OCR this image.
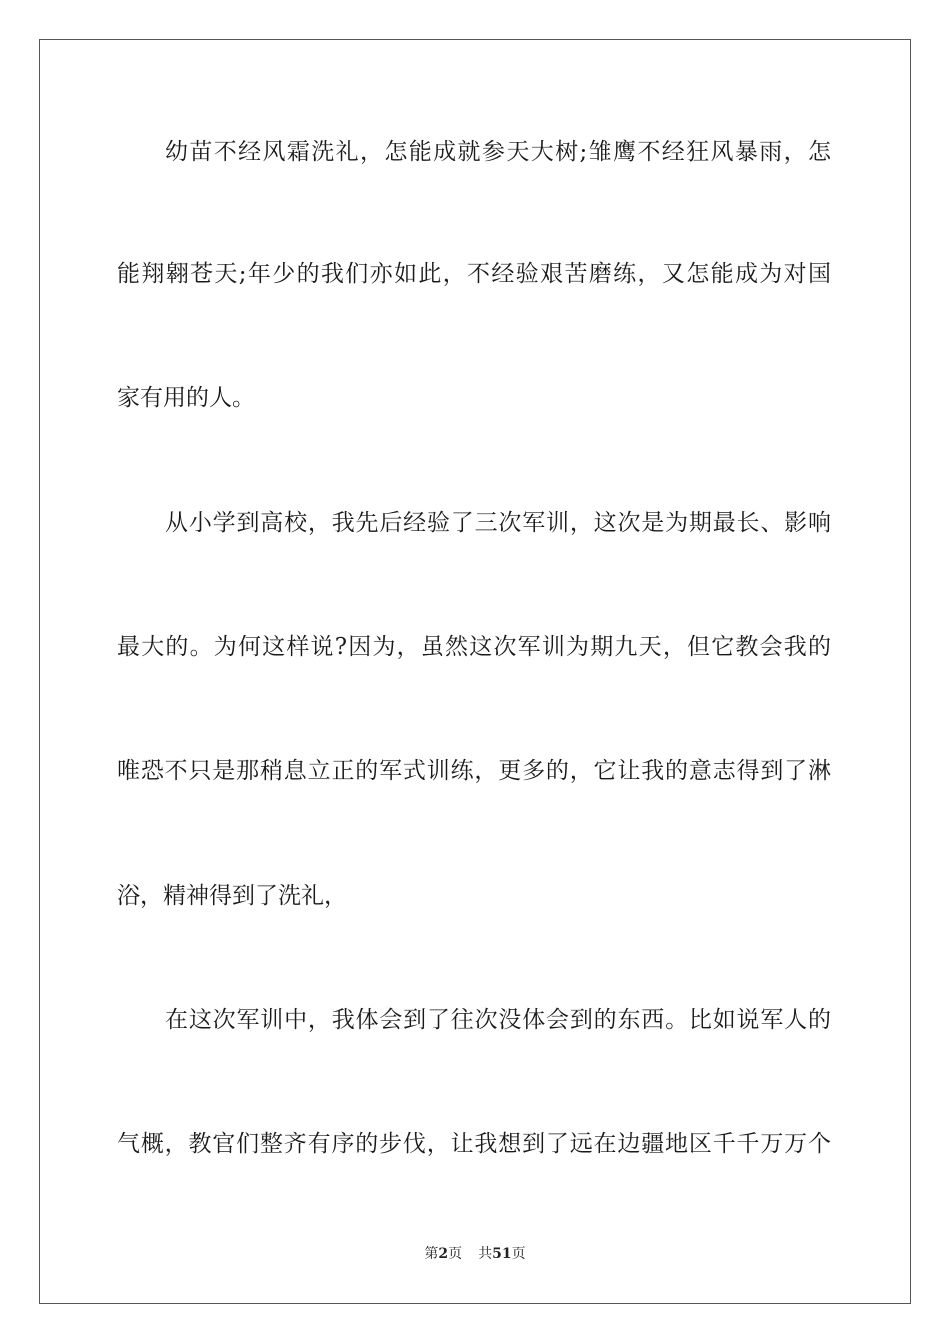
幼苗不经风霜洗礼，怎能成就参天大树;雏鹰不经狂风暴雨，怎
能翔翱苍天;年少的我们亦如此，不经验艰苦磨练，又怎能成为对国
家有用的人。
从小学到高校，我先后经验了三次军训，这次是为期最长、影响
最大的。为何这样说?因为，虽然这次军训为期九天，但它教会我的
唯恐不只是那稍息立正的军式训练，更多的，它让我的意志得到了淋
浴，精神得到了洗礼，
在这次军训中，我体会到了往次没体会到的东西。比如说军人的
气概，教官们整齐有序的步伐，让我想到了远在边疆地区千千万万个
第2页 共51页
